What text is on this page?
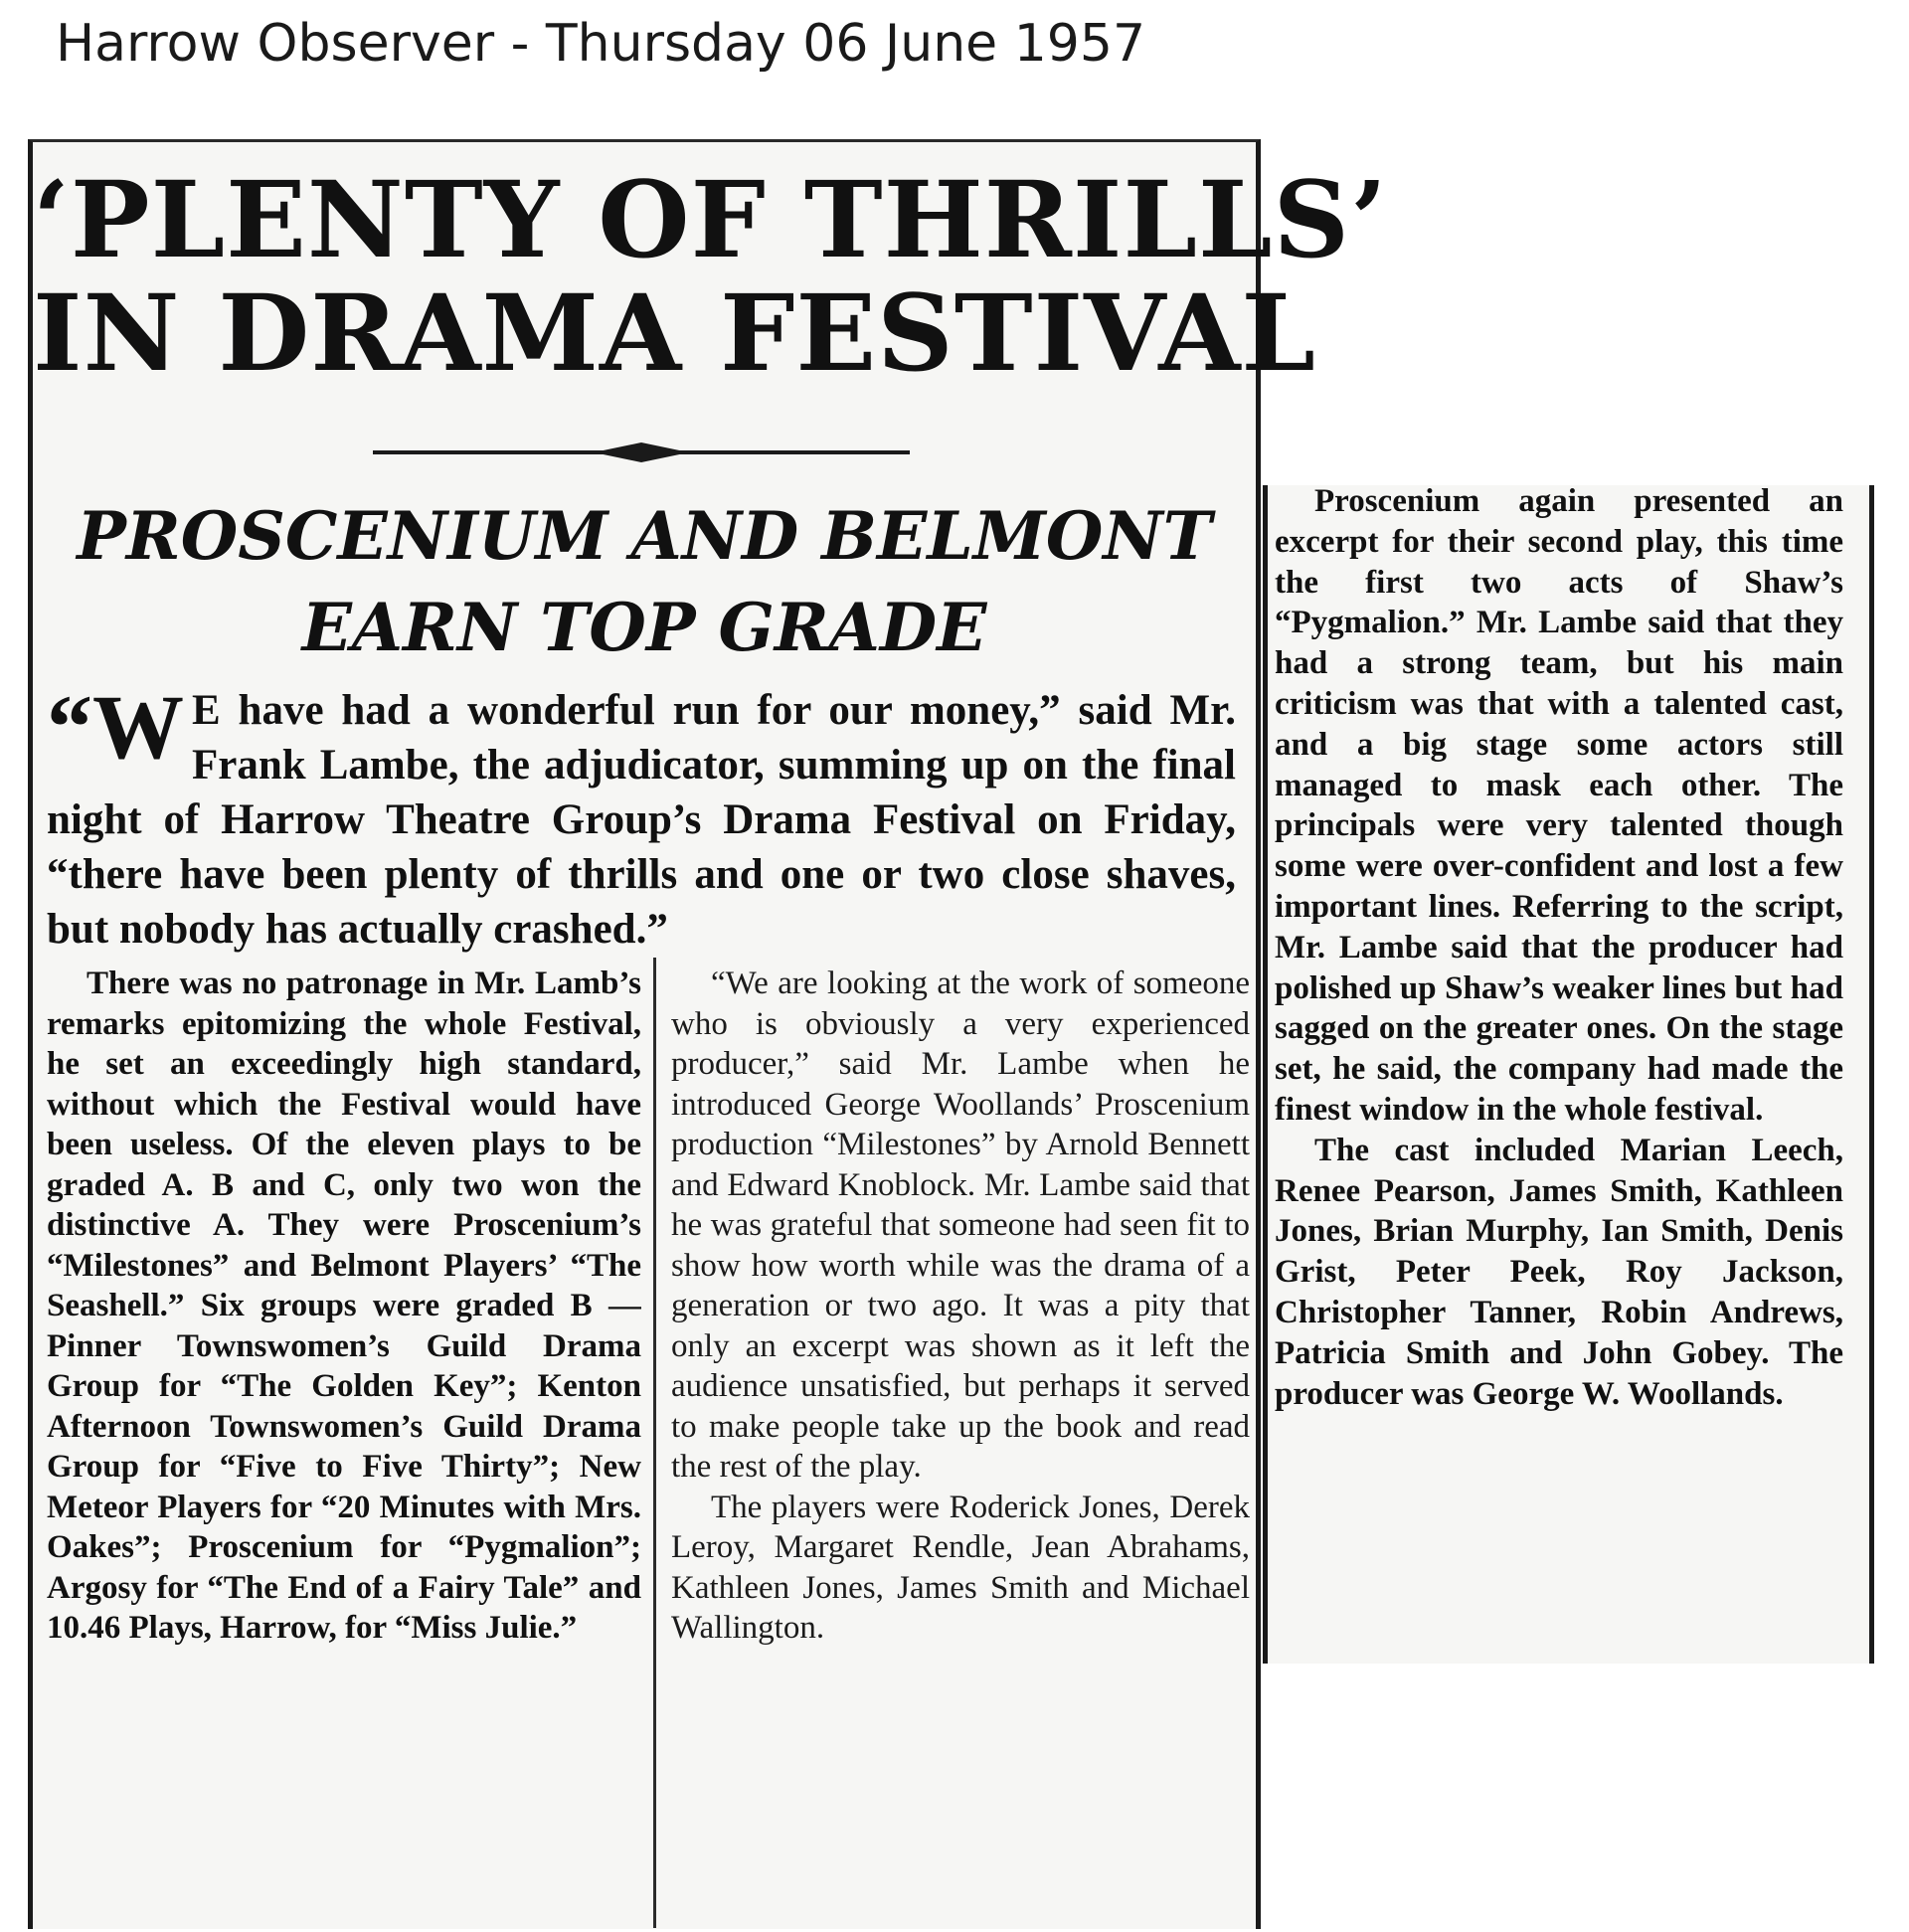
Harrow Observer - Thursday 06 June 1957
‘PLENTY OF THRILLS’
IN DRAMA FESTIVAL
PROSCENIUM AND BELMONT
EARN TOP GRADE
“W E have had a wonderful run for our money,” said Mr. Frank Lambe, the adjudicator, summing up on the final night of Harrow Theatre Group’s Drama Festival on Friday, “there have been plenty of thrills and one or two close shaves, but nobody has actually crashed.”

There was no patronage in Mr. Lamb’s remarks epitomizing the whole Festival, he set an exceedingly high standard, without which the Festival would have been useless. Of the eleven plays to be graded A. B and C, only two won the distinctive A. They were Proscenium’s “Milestones” and Belmont Players’ “The Seashell.” Six groups were graded B — Pinner Townswomen’s Guild Drama Group for “The Golden Key”; Kenton Afternoon Townswomen’s Guild Drama Group for “Five to Five Thirty”; New Meteor Players for “20 Minutes with Mrs. Oakes”; Proscenium for “Pygmalion”; Argosy for “The End of a Fairy Tale” and 10.46 Plays, Harrow, for “Miss Julie.”

“We are looking at the work of someone who is obviously a very experienced producer,” said Mr. Lambe when he introduced George Woollands’ Proscenium production “Milestones” by Arnold Bennett and Edward Knoblock. Mr. Lambe said that he was grateful that someone had seen fit to show how worth while was the drama of a generation or two ago. It was a pity that only an excerpt was shown as it left the audience unsatisfied, but perhaps it served to make people take up the book and read the rest of the play.

The players were Roderick Jones, Derek Leroy, Margaret Rendle, Jean Abrahams, Kathleen Jones, James Smith and Michael Wallington.

Proscenium again presented an excerpt for their second play, this time the first two acts of Shaw’s “Pygmalion.” Mr. Lambe said that they had a strong team, but his main criticism was that with a talented cast, and a big stage some actors still managed to mask each other. The principals were very talented though some were over-confident and lost a few important lines. Referring to the script, Mr. Lambe said that the producer had polished up Shaw’s weaker lines but had sagged on the greater ones. On the stage set, he said, the company had made the finest window in the whole festival.

The cast included Marian Leech, Renee Pearson, James Smith, Kathleen Jones, Brian Murphy, Ian Smith, Denis Grist, Peter Peek, Roy Jackson, Christopher Tanner, Robin Andrews, Patricia Smith and John Gobey. The producer was George W. Woollands.
